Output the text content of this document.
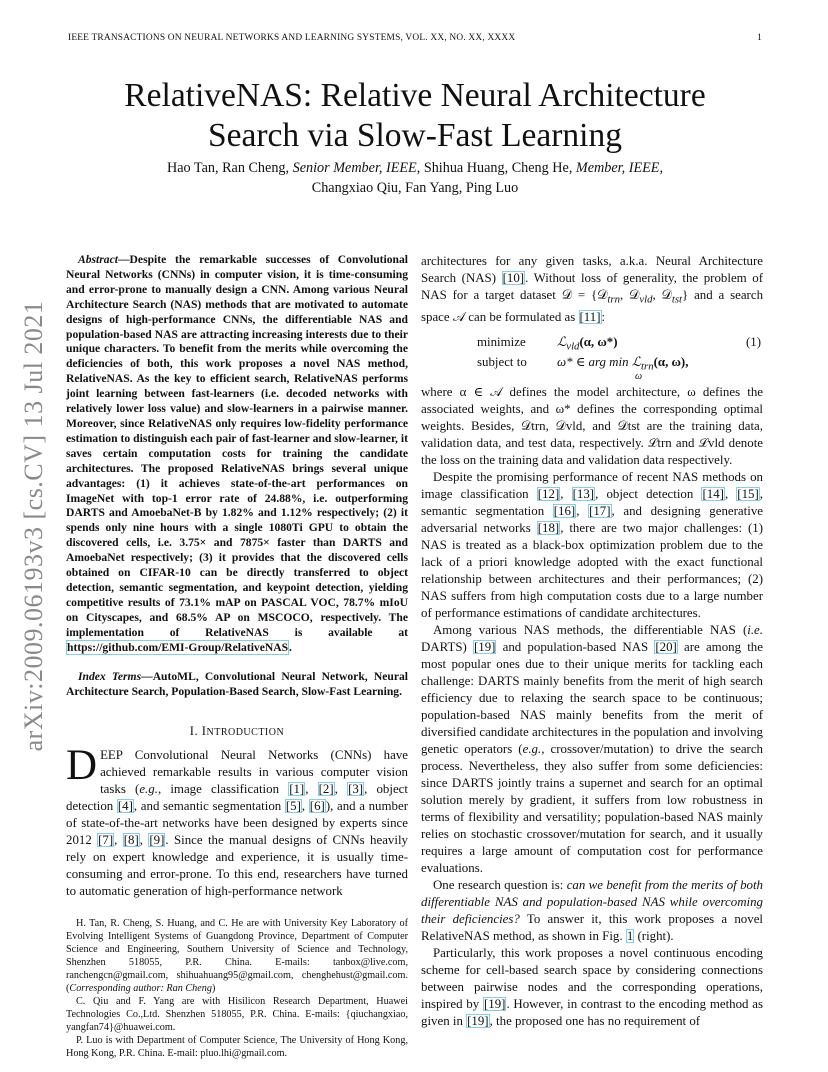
IEEE TRANSACTIONS ON NEURAL NETWORKS AND LEARNING SYSTEMS, VOL. XX, NO. XX, XXXX	1
arXiv:2009.06193v3 [cs.CV] 13 Jul 2021
RelativeNAS: Relative Neural Architecture
Search via Slow-Fast Learning
Hao Tan, Ran Cheng, Senior Member, IEEE, Shihua Huang, Cheng He, Member, IEEE,
Changxiao Qiu, Fan Yang, Ping Luo

Abstract—Despite the remarkable successes of Convolutional Neural Networks (CNNs) in computer vision, it is time-consuming and error-prone to manually design a CNN. Among various Neural Architecture Search (NAS) methods that are motivated to automate designs of high-performance CNNs, the differentiable NAS and population-based NAS are attracting increasing interests due to their unique characters. To benefit from the merits while overcoming the deficiencies of both, this work proposes a novel NAS method, RelativeNAS. As the key to efficient search, RelativeNAS performs joint learning between fast-learners (i.e. decoded networks with relatively lower loss value) and slow-learners in a pairwise manner. Moreover, since RelativeNAS only requires low-fidelity performance estimation to distinguish each pair of fast-learner and slow-learner, it saves certain computation costs for training the candidate architectures. The proposed RelativeNAS brings several unique advantages: (1) it achieves state-of-the-art performances on ImageNet with top-1 error rate of 24.88%, i.e. outperforming DARTS and AmoebaNet-B by 1.82% and 1.12% respectively; (2) it spends only nine hours with a single 1080Ti GPU to obtain the discovered cells, i.e. 3.75× and 7875× faster than DARTS and AmoebaNet respectively; (3) it provides that the discovered cells obtained on CIFAR-10 can be directly transferred to object detection, semantic segmentation, and keypoint detection, yielding competitive results of 73.1% mAP on PASCAL VOC, 78.7% mIoU on Cityscapes, and 68.5% AP on MSCOCO, respectively. The implementation of RelativeNAS is available at https://github.com/EMI-Group/RelativeNAS.

Index Terms—AutoML, Convolutional Neural Network, Neural Architecture Search, Population-Based Search, Slow-Fast Learning.

I. INTRODUCTION

DEEP Convolutional Neural Networks (CNNs) have achieved remarkable results in various computer vision tasks (e.g., image classification [1], [2], [3], object detection [4], and semantic segmentation [5], [6]), and a number of state-of-the-art networks have been designed by experts since 2012 [7], [8], [9]. Since the manual designs of CNNs heavily rely on expert knowledge and experience, it is usually time-consuming and error-prone. To this end, researchers have turned to automatic generation of high-performance network

H. Tan, R. Cheng, S. Huang, and C. He are with University Key Laboratory of Evolving Intelligent Systems of Guangdong Province, Department of Computer Science and Engineering, Southern University of Science and Technology, Shenzhen 518055, P.R. China. E-mails: tanbox@live.com, ranchengcn@gmail.com, shihuahuang95@gmail.com, chenghehust@gmail.com. (Corresponding author: Ran Cheng)

C. Qiu and F. Yang are with Hisilicon Research Department, Huawei Technologies Co.,Ltd. Shenzhen 518055, P.R. China. E-mails: {qiuchangxiao, yangfan74}@huawei.com.

P. Luo is with Department of Computer Science, The University of Hong Kong, Hong Kong, P.R. China. E-mail: pluo.lhi@gmail.com.

architectures for any given tasks, a.k.a. Neural Architecture Search (NAS) [10]. Without loss of generality, the problem of NAS for a target dataset 𝒟 = {𝒟$_{trn}$, 𝒟$_{vld}$, 𝒟$_{tst}$} and a search space 𝒜 can be formulated as [11]:

minimize ℒ$_{vld}$(α, ω*)
subject to ω* ∈ arg min ℒ$_{trn}$(α, ω),
ω
(1)

where α ∈ 𝒜 defines the model architecture, ω defines the associated weights, and ω* defines the corresponding optimal weights. Besides, 𝒟trn, 𝒟vld, and 𝒟tst are the training data, validation data, and test data, respectively. ℒtrn and ℒvld denote the loss on the training data and validation data respectively.

Despite the promising performance of recent NAS methods on image classification [12], [13], object detection [14], [15], semantic segmentation [16], [17], and designing generative adversarial networks [18], there are two major challenges: (1) NAS is treated as a black-box optimization problem due to the lack of a priori knowledge adopted with the exact functional relationship between architectures and their performances; (2) NAS suffers from high computation costs due to a large number of performance estimations of candidate architectures.

Among various NAS methods, the differentiable NAS (i.e. DARTS) [19] and population-based NAS [20] are among the most popular ones due to their unique merits for tackling each challenge: DARTS mainly benefits from the merit of high search efficiency due to relaxing the search space to be continuous; population-based NAS mainly benefits from the merit of diversified candidate architectures in the population and involving genetic operators (e.g., crossover/mutation) to drive the search process. Nevertheless, they also suffer from some deficiencies: since DARTS jointly trains a supernet and search for an optimal solution merely by gradient, it suffers from low robustness in terms of flexibility and versatility; population-based NAS mainly relies on stochastic crossover/mutation for search, and it usually requires a large amount of computation cost for performance evaluations.

One research question is: can we benefit from the merits of both differentiable NAS and population-based NAS while overcoming their deficiencies? To answer it, this work proposes a novel RelativeNAS method, as shown in Fig. 1 (right).

Particularly, this work proposes a novel continuous encoding scheme for cell-based search space by considering connections between pairwise nodes and the corresponding operations, inspired by [19]. However, in contrast to the encoding method as given in [19], the proposed one has no requirement of
